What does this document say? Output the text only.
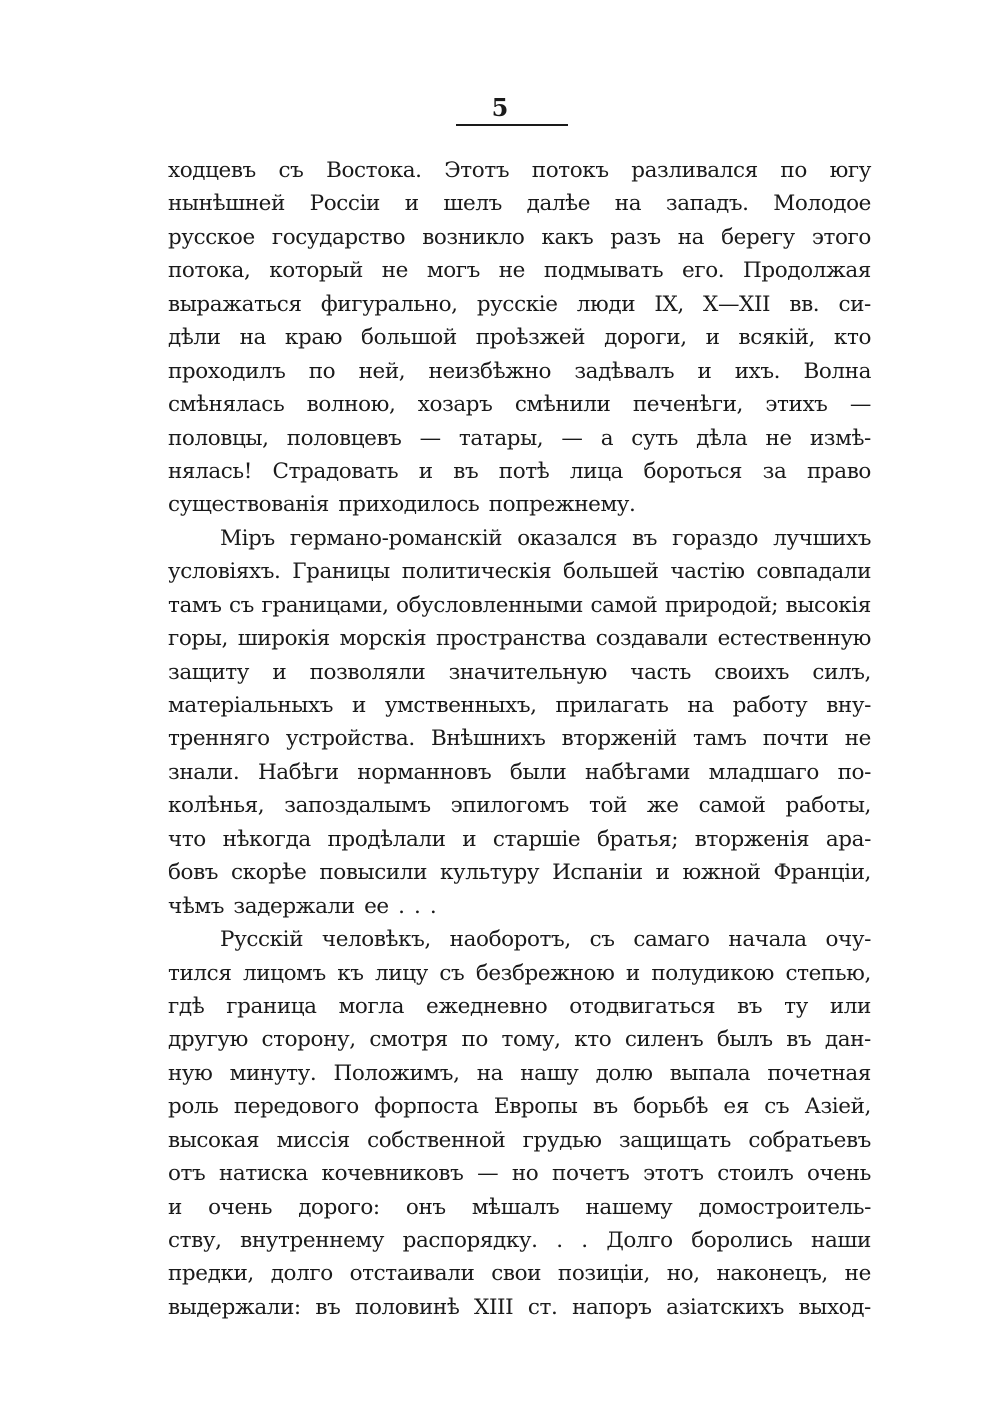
5
ходцевъ съ Востока. Этотъ потокъ разливался по югу
нынѣшней Россіи и шелъ далѣе на западъ. Молодое
русское государство возникло какъ разъ на берегу этого
потока, который не могъ не подмывать его. Продолжая
выражаться фигурально, русскіе люди IX, X—XII вв. си-
дѣли на краю большой проѣзжей дороги, и всякій, кто
проходилъ по ней, неизбѣжно задѣвалъ и ихъ. Волна
смѣнялась волною, хозаръ смѣнили печенѣги, этихъ —
половцы, половцевъ — татары, — а суть дѣла не измѣ-
нялась! Страдовать и въ потѣ лица бороться за право
существованія приходилось попрежнему.
Міръ германо-романскій оказался въ гораздо лучшихъ
условіяхъ. Границы политическія большей частію совпадали
тамъ съ границами, обусловленными самой природой; высокія
горы, широкія морскія пространства создавали естественную
защиту и позволяли значительную часть своихъ силъ,
матеріальныхъ и умственныхъ, прилагать на работу вну-
тренняго устройства. Внѣшнихъ вторженій тамъ почти не
знали. Набѣги норманновъ были набѣгами младшаго по-
колѣнья, запоздалымъ эпилогомъ той же самой работы,
что нѣкогда продѣлали и старшіе братья; вторженія ара-
бовъ скорѣе повысили культуру Испаніи и южной Франціи,
чѣмъ задержали ее . . .
Русскій человѣкъ, наоборотъ, съ самаго начала очу-
тился лицомъ къ лицу съ безбрежною и полудикою степью,
гдѣ граница могла ежедневно отодвигаться въ ту или
другую сторону, смотря по тому, кто силенъ былъ въ дан-
ную минуту. Положимъ, на нашу долю выпала почетная
роль передового форпоста Европы въ борьбѣ ея съ Азіей,
высокая миссія собственной грудью защищать собратьевъ
отъ натиска кочевниковъ — но почетъ этотъ стоилъ очень
и очень дорого: онъ мѣшалъ нашему домостроитель-
ству, внутреннему распорядку. . . Долго боролись наши
предки, долго отстаивали свои позиціи, но, наконецъ, не
выдержали: въ половинѣ XIII ст. напоръ азіатскихъ выход-
